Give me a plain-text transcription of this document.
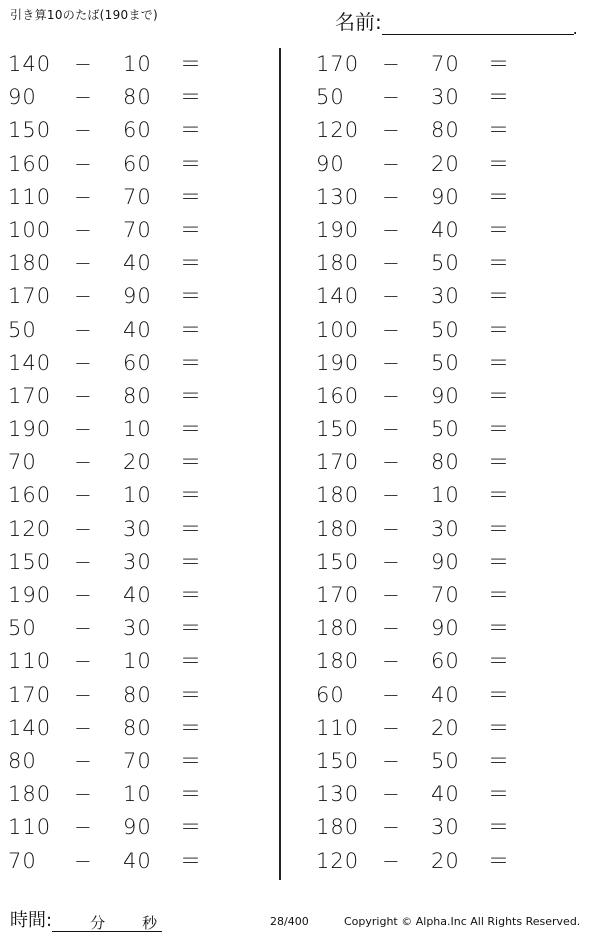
引き算10のたば(190まで)	名前:	.
140 − 10 ＝
90 − 80 ＝
150 − 60 ＝
160 − 60 ＝
110 − 70 ＝
100 − 70 ＝
180 − 40 ＝
170 − 90 ＝
50 − 40 ＝
140 − 60 ＝
170 − 80 ＝
190 − 10 ＝
70 − 20 ＝
160 − 10 ＝
120 − 30 ＝
150 − 30 ＝
190 − 40 ＝
50 − 30 ＝
110 − 10 ＝
170 − 80 ＝
140 − 80 ＝
80 − 70 ＝
180 − 10 ＝
110 − 90 ＝
70 − 40 ＝
170 − 70 ＝
50 − 30 ＝
120 − 80 ＝
90 − 20 ＝
130 − 90 ＝
190 − 40 ＝
180 − 50 ＝
140 − 30 ＝
100 − 50 ＝
190 − 50 ＝
160 − 90 ＝
150 − 50 ＝
170 − 80 ＝
180 − 10 ＝
180 − 30 ＝
150 − 90 ＝
170 − 70 ＝
180 − 90 ＝
180 − 60 ＝
60 − 40 ＝
110 − 20 ＝
150 − 50 ＝
130 − 40 ＝
180 − 30 ＝
120 − 20 ＝
時間:	分 秒	28/400	Copyright © Alpha.Inc All Rights Reserved.
